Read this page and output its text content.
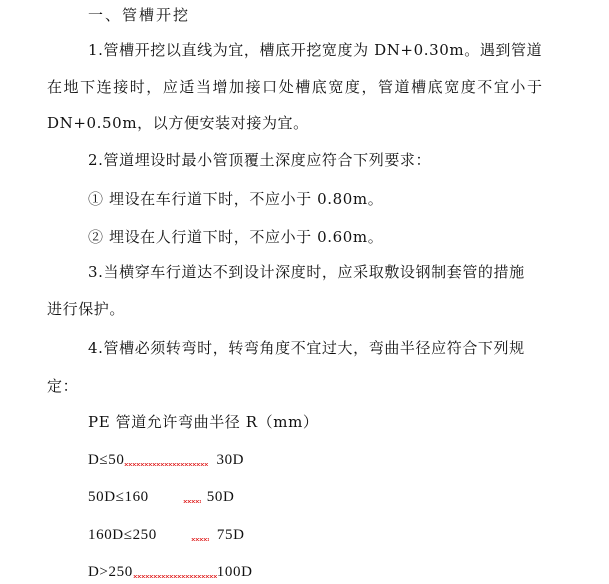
一、管槽开挖
1.管槽开挖以直线为宜，槽底开挖宽度为 DN+0.30m。遇到管道
在地下连接时，应适当增加接口处槽底宽度，管道槽底宽度不宜小于
DN+0.50m，以方便安装对接为宜。
2.管道埋设时最小管顶覆土深度应符合下列要求：
① 埋设在车行道下时，不应小于 0.80m。
② 埋设在人行道下时，不应小于 0.60m。
3.当横穿车行道达不到设计深度时，应采取敷设钢制套管的措施
进行保护。
4.管槽必须转弯时，转弯角度不宜过大，弯曲半径应符合下列规
定：
PE 管道允许弯曲半径 R（mm）
D≤50	30D
50D≤160	50D
160D≤250	75D
D>250	100D
